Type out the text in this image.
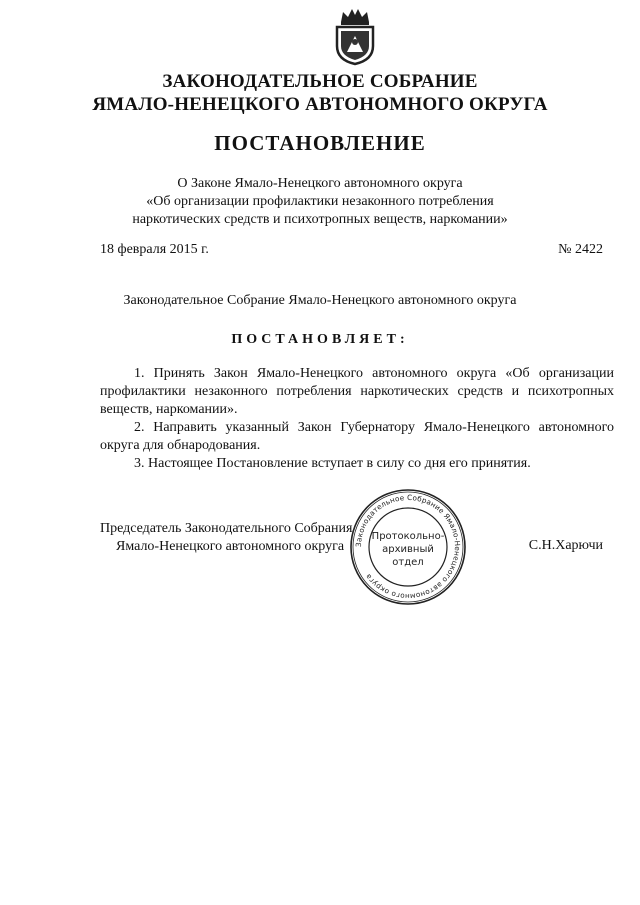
ЗАКОНОДАТЕЛЬНОЕ СОБРАНИЕ
ЯМАЛО-НЕНЕЦКОГО АВТОНОМНОГО ОКРУГА
ПОСТАНОВЛЕНИЕ
О Законе Ямало-Ненецкого автономного округа
«Об организации профилактики незаконного потребления
наркотических средств и психотропных веществ, наркомании»
18 февраля 2015 г.	№ 2422
Законодательное Собрание Ямало-Ненецкого автономного округа
ПОСТАНОВЛЯЕТ:

1. Принять Закон Ямало-Ненецкого автономного округа «Об организации профилактики незаконного потребления наркотических средств и психотропных веществ, наркомании».

2. Направить указанный Закон Губернатору Ямало-Ненецкого автономного округа для обнародования.

3. Настоящее Постановление вступает в силу со дня его принятия.

Председатель Законодательного Собрания
Ямало-Ненецкого автономного округа	С.Н.Харючи
Законодательное Собрание Ямало-Ненецкого автономного округа
Протокольно-
архивный
отдел
